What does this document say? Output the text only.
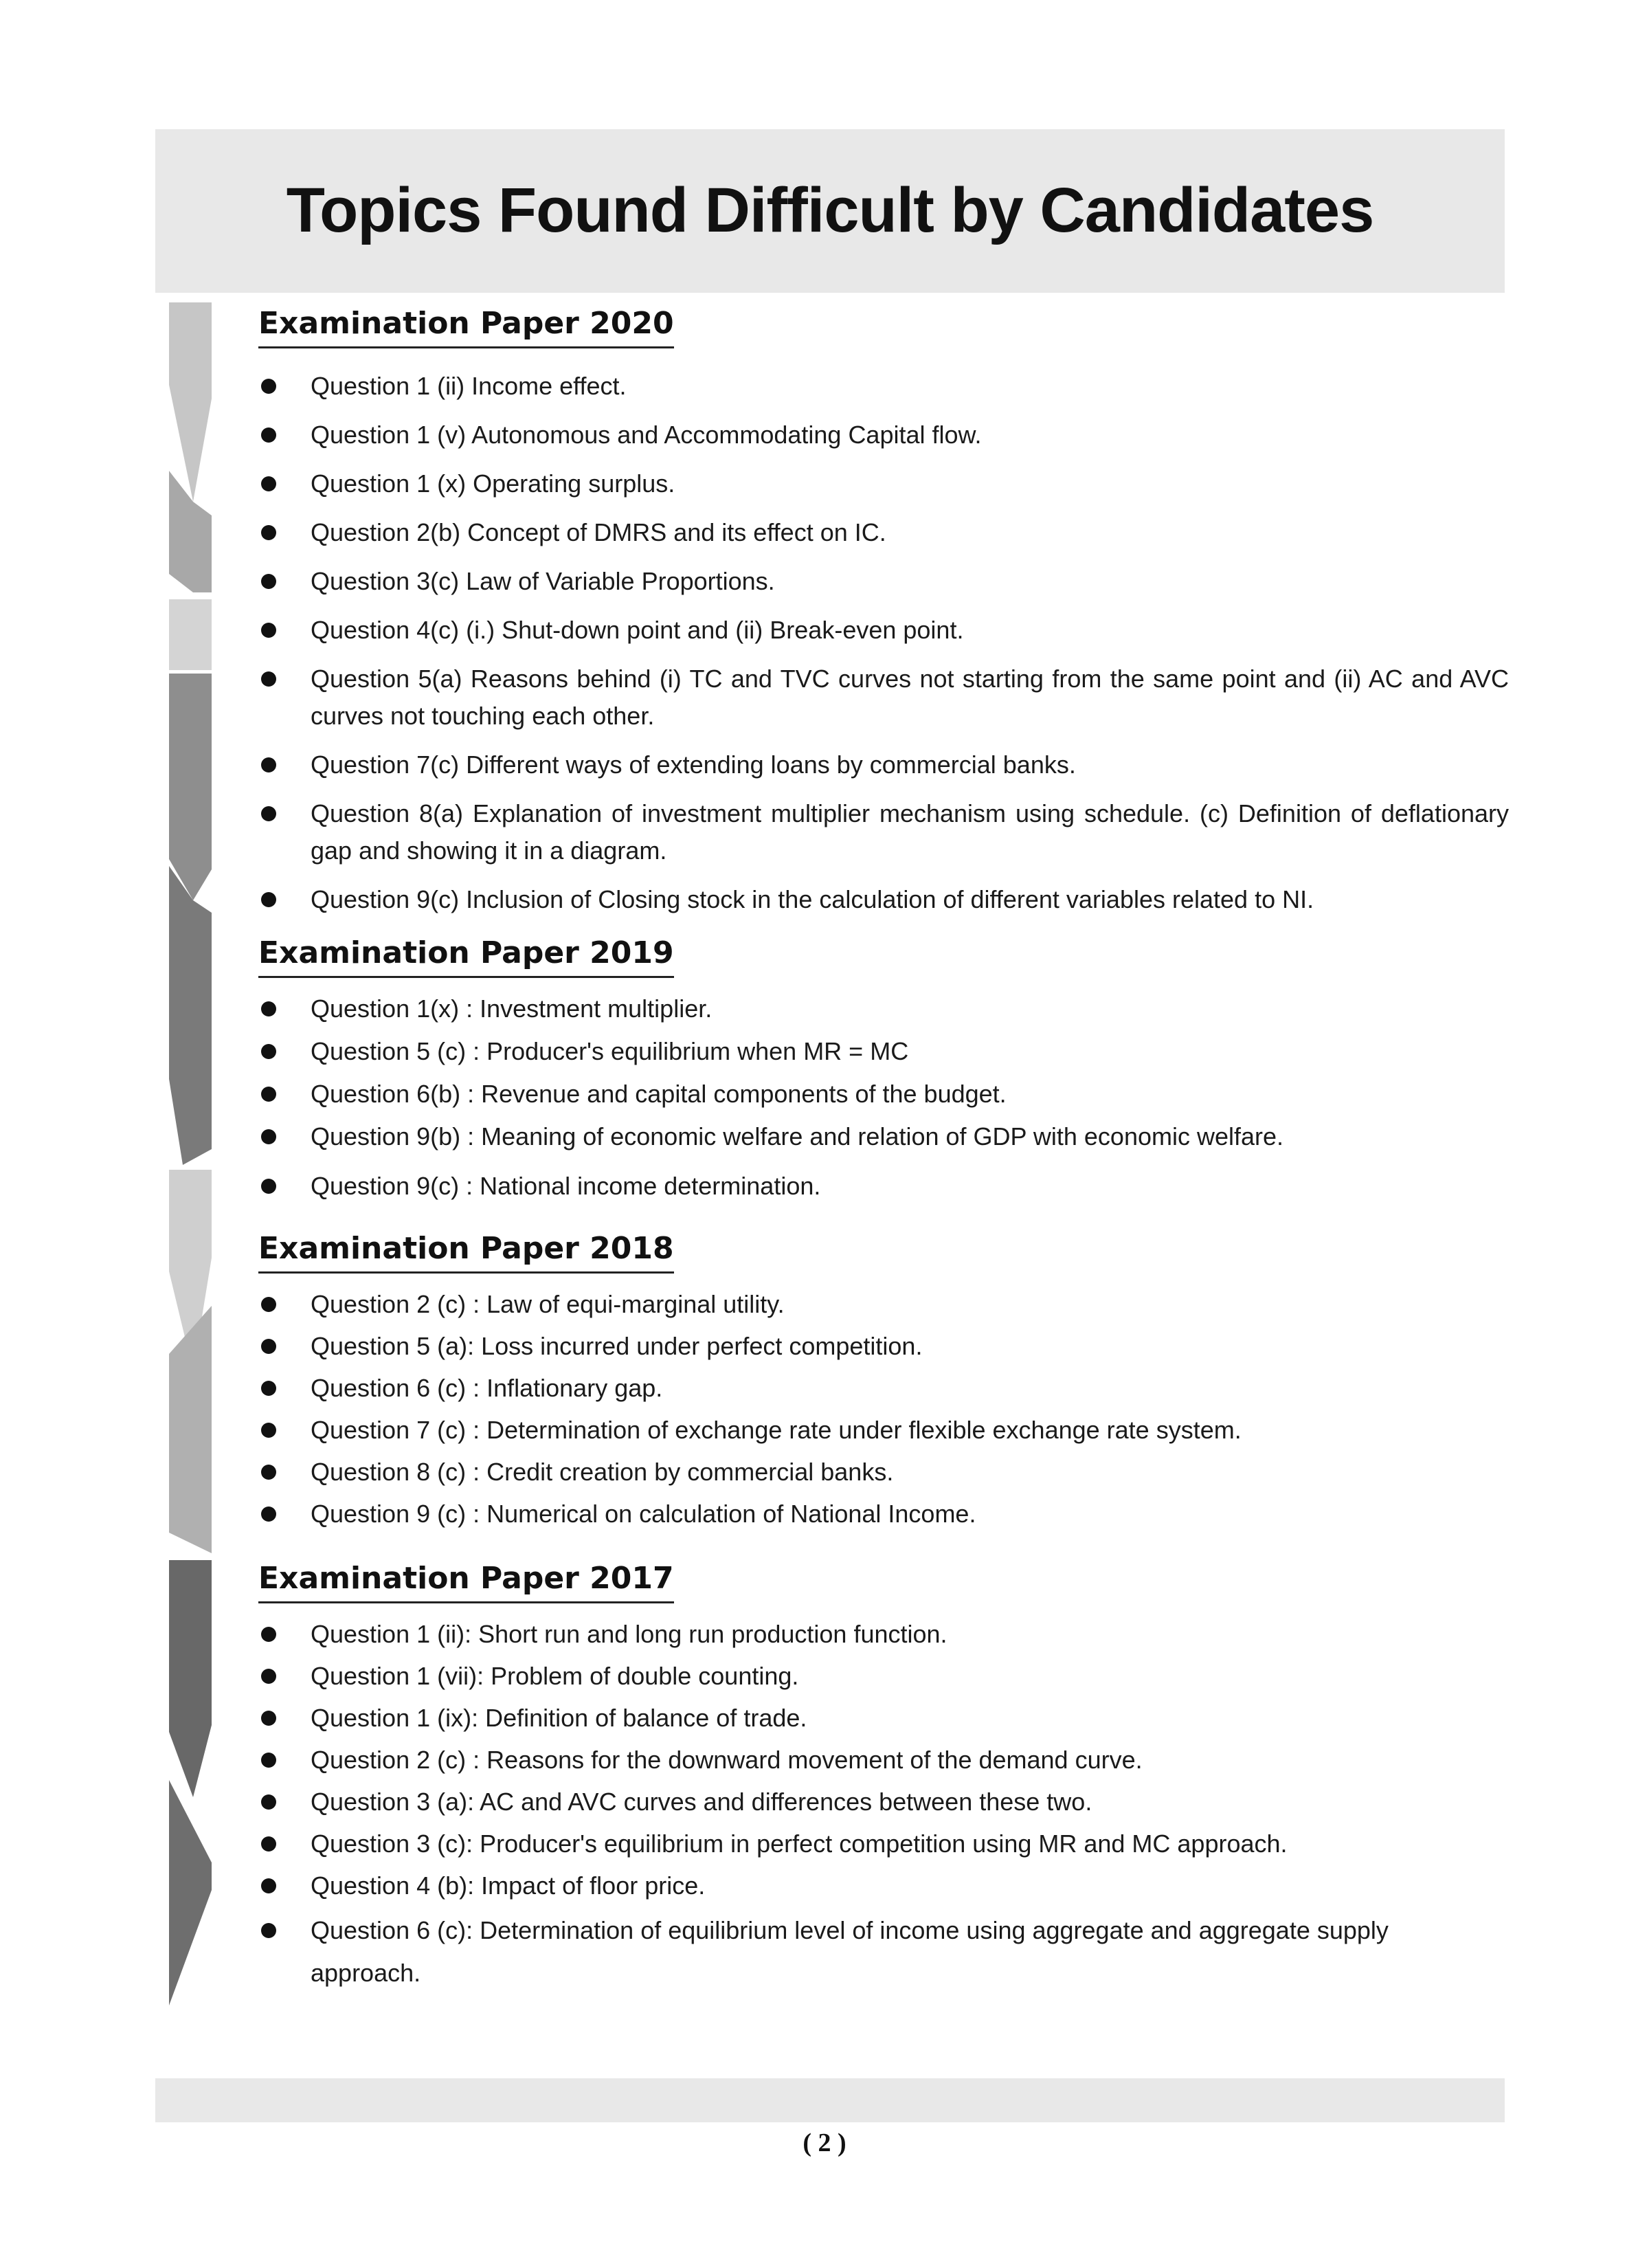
Topics Found Difficult by Candidates
Examination Paper 2020
Question 1 (ii) Income effect.
Question 1 (v) Autonomous and Accommodating Capital flow.
Question 1 (x) Operating surplus.
Question 2(b) Concept of DMRS and its effect on IC.
Question 3(c) Law of Variable Proportions.
Question 4(c) (i.) Shut-down point and (ii) Break-even point.
Question 5(a) Reasons behind (i) TC and TVC curves not starting from the same point and (ii) AC and AVC curves not touching each other.
Question 7(c) Different ways of extending loans by commercial banks.
Question 8(a) Explanation of investment multiplier mechanism using schedule. (c) Definition of deflationary gap and showing it in a diagram.
Question 9(c) Inclusion of Closing stock in the calculation of different variables related to NI.
Examination Paper 2019
Question 1(x) : Investment multiplier.
Question 5 (c) : Producer's equilibrium when MR = MC
Question 6(b) : Revenue and capital components of the budget.
Question 9(b) : Meaning of economic welfare and relation of GDP with economic welfare.
Question 9(c) : National income determination.
Examination Paper 2018
Question 2 (c) : Law of equi-marginal utility.
Question 5 (a): Loss incurred under perfect competition.
Question 6 (c) : Inflationary gap.
Question 7 (c) : Determination of exchange rate under flexible exchange rate system.
Question 8 (c) : Credit creation by commercial banks.
Question 9 (c) : Numerical on calculation of National Income.
Examination Paper 2017
Question 1 (ii): Short run and long run production function.
Question 1 (vii): Problem of double counting.
Question 1 (ix): Definition of balance of trade.
Question 2 (c) : Reasons for the downward movement of the demand curve.
Question 3 (a): AC and AVC curves and differences between these two.
Question 3 (c): Producer's equilibrium in perfect competition using MR and MC approach.
Question 4 (b): Impact of floor price.
Question 6 (c): Determination of equilibrium level of income using aggregate and aggregate supply approach.
( 2 )
